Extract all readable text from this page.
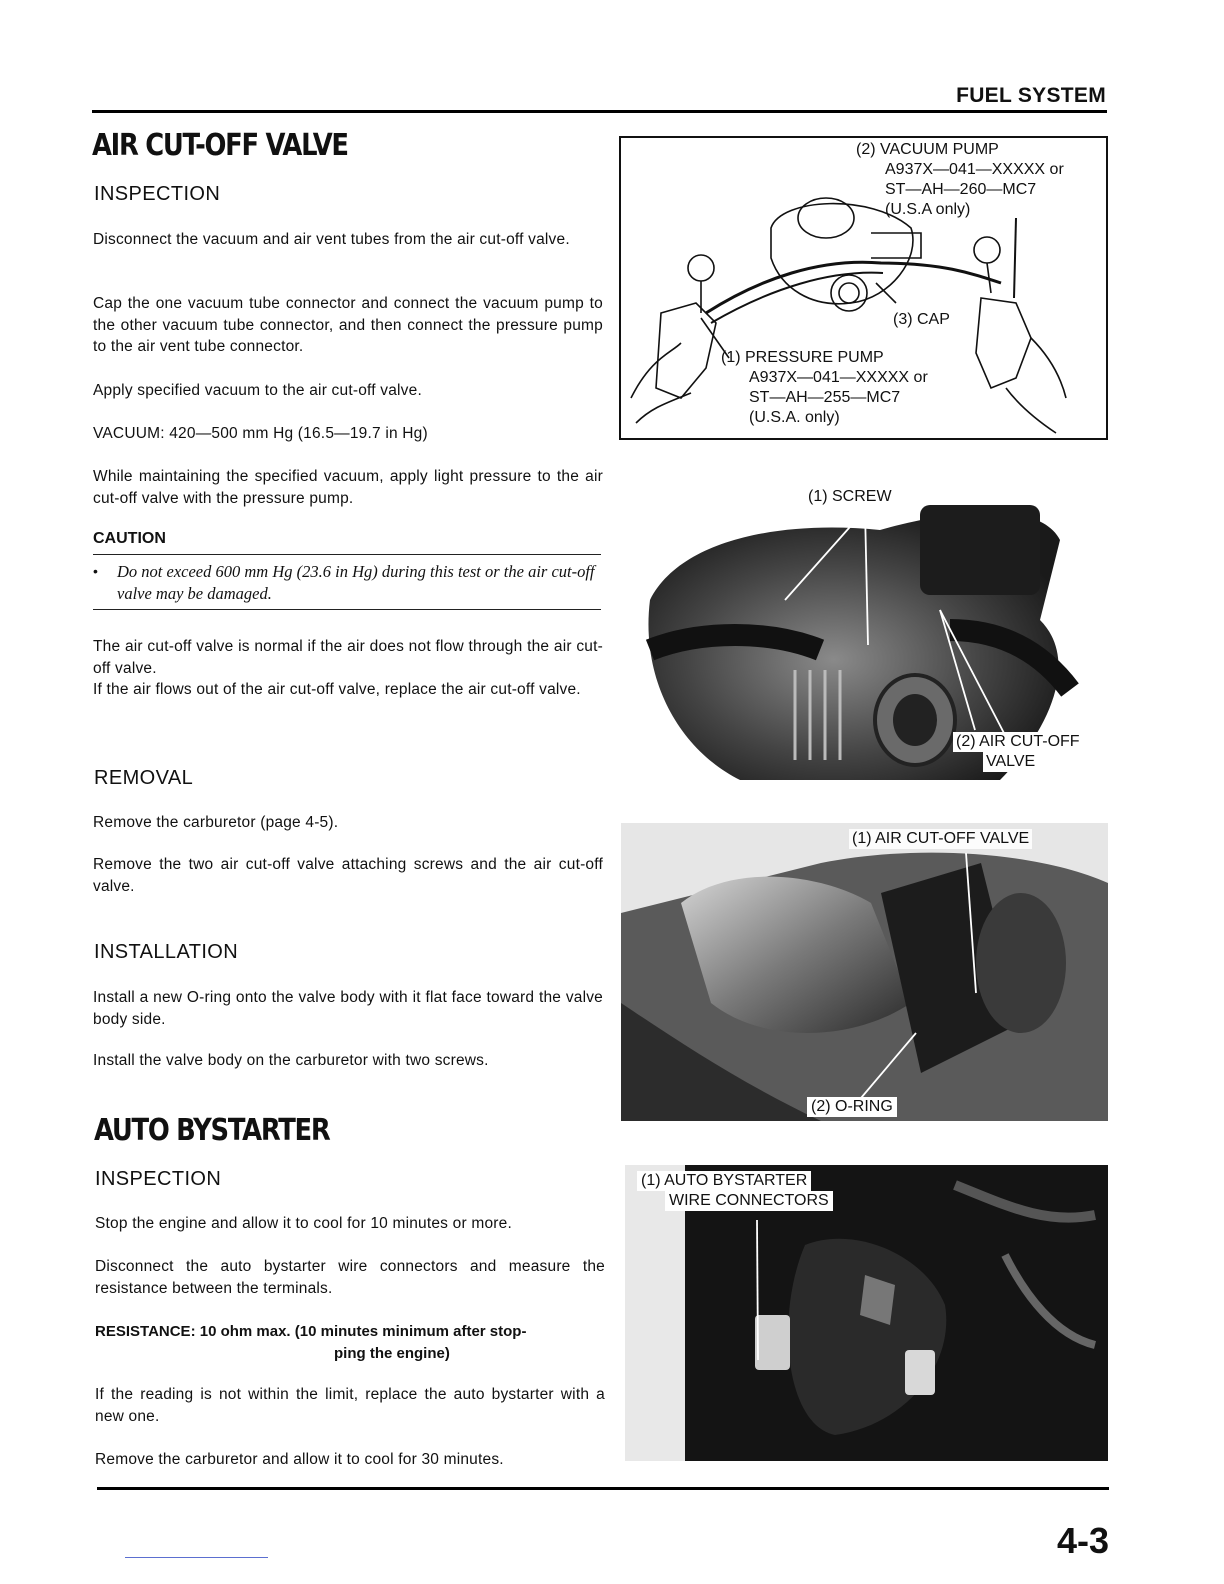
FUEL SYSTEM
AIR CUT-OFF VALVE
INSPECTION
Disconnect the vacuum and air vent tubes from the air cut-off valve.
Cap the one vacuum tube connector and connect the vacuum pump to the other vacuum tube connector, and then connect the pressure pump to the air vent tube connector.
Apply specified vacuum to the air cut-off valve.
VACUUM: 420—500 mm Hg (16.5—19.7 in Hg)
While maintaining the specified vacuum, apply light pressure to the air cut-off valve with the pressure pump.
CAUTION
• Do not exceed 600 mm Hg (23.6 in Hg) during this test or the air cut-off valve may be damaged.
The air cut-off valve is normal if the air does not flow through the air cut-off valve.
If the air flows out of the air cut-off valve, replace the air cut-off valve.
REMOVAL
Remove the carburetor (page 4-5).
Remove the two air cut-off valve attaching screws and the air cut-off valve.
INSTALLATION
Install a new O-ring onto the valve body with it flat face toward the valve body side.
Install the valve body on the carburetor with two screws.
AUTO BYSTARTER
INSPECTION
Stop the engine and allow it to cool for 10 minutes or more.
Disconnect the auto bystarter wire connectors and measure the resistance between the terminals.
RESISTANCE: 10 ohm max. (10 minutes minimum after stop-
ping the engine)
If the reading is not within the limit, replace the auto bystarter with a new one.
Remove the carburetor and allow it to cool for 30 minutes.
(2) VACUUM PUMP
A937X—041—XXXXX or
ST—AH—260—MC7
(U.S.A only)
(3) CAP
(1) PRESSURE PUMP
A937X—041—XXXXX or
ST—AH—255—MC7
(U.S.A. only)
(1) SCREW
(2) AIR CUT-OFF
VALVE
(1) AIR CUT-OFF VALVE
(2) O-RING
(1) AUTO BYSTARTER
WIRE CONNECTORS
4-3
